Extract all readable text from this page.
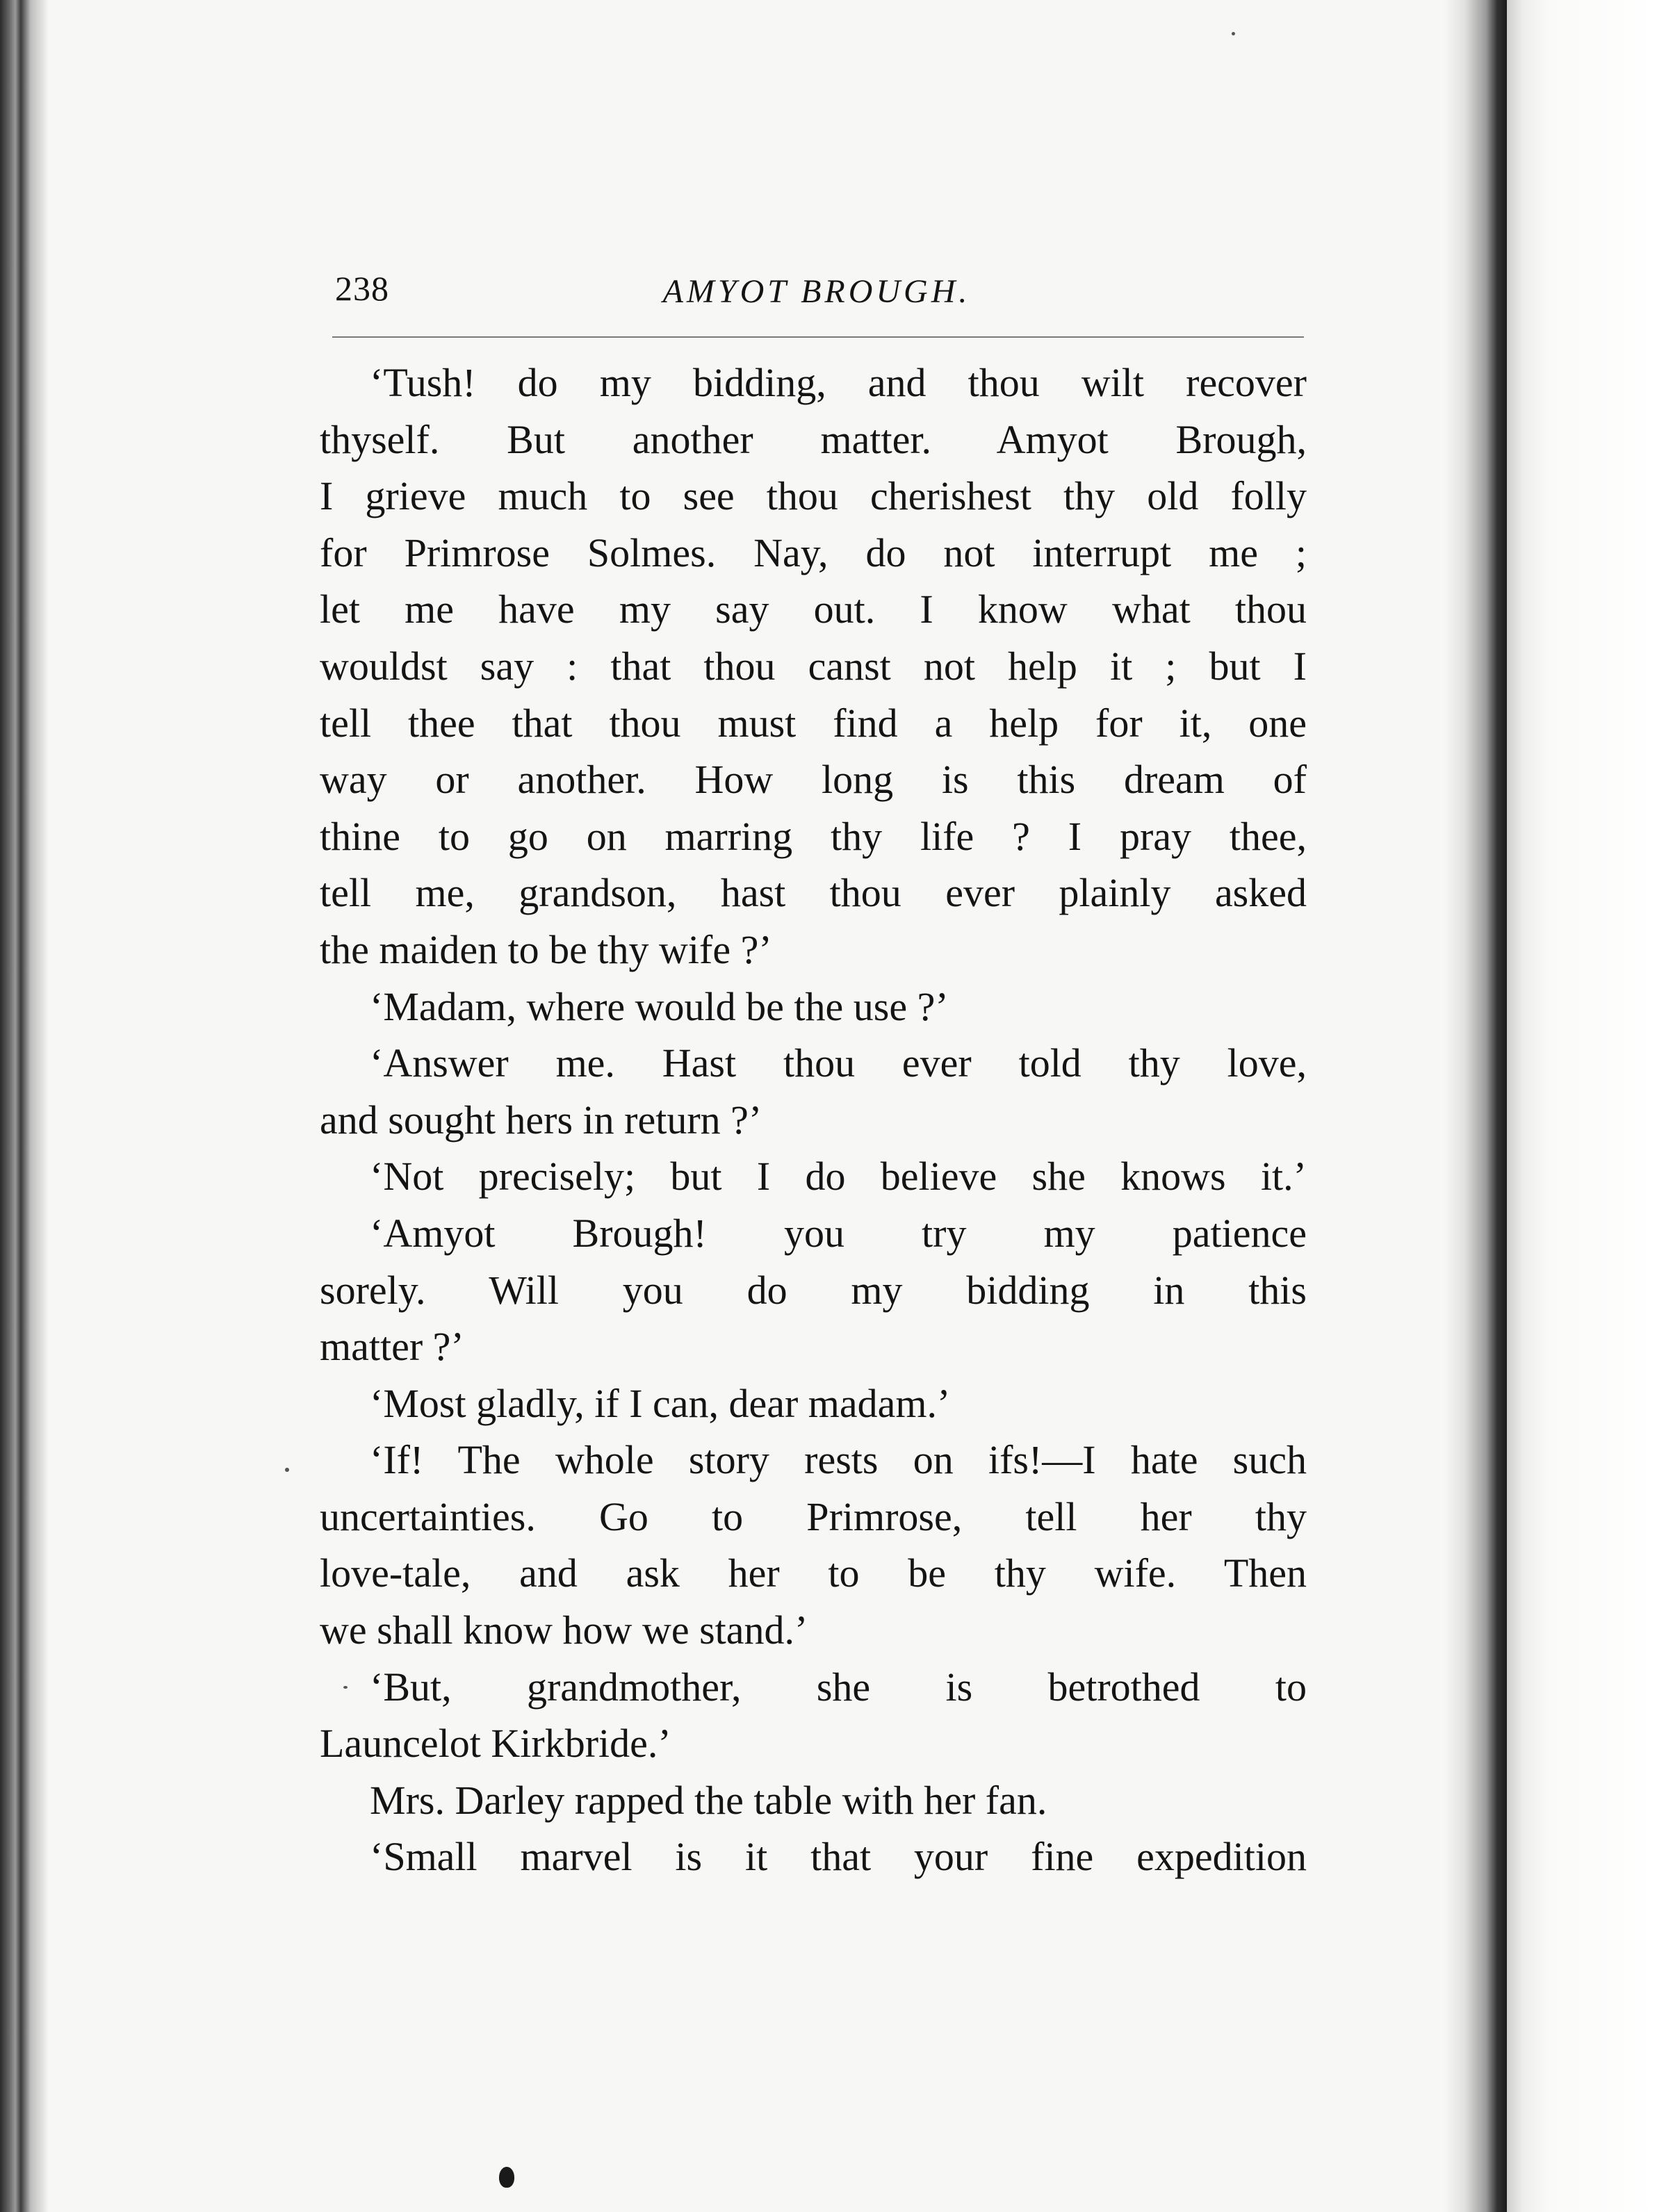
238	AMYOT BROUGH.
‘Tush! do my bidding, and thou wilt recover
thyself. But another matter. Amyot Brough,
I grieve much to see thou cherishest thy old folly
for Primrose Solmes. Nay, do not interrupt me ;
let me have my say out. I know what thou
wouldst say : that thou canst not help it ; but I
tell thee that thou must find a help for it, one
way or another. How long is this dream of
thine to go on marring thy life ? I pray thee,
tell me, grandson, hast thou ever plainly asked
the maiden to be thy wife ?’
‘Madam, where would be the use ?’
‘Answer me. Hast thou ever told thy love,
and sought hers in return ?’
‘Not precisely; but I do believe she knows it.’
‘Amyot Brough! you try my patience
sorely. Will you do my bidding in this
matter ?’
‘Most gladly, if I can, dear madam.’
‘If! The whole story rests on ifs!—I hate such
uncertainties. Go to Primrose, tell her thy
love-tale, and ask her to be thy wife. Then
we shall know how we stand.’
‘But, grandmother, she is betrothed to
Launcelot Kirkbride.’
Mrs. Darley rapped the table with her fan.
‘Small marvel is it that your fine expedition
